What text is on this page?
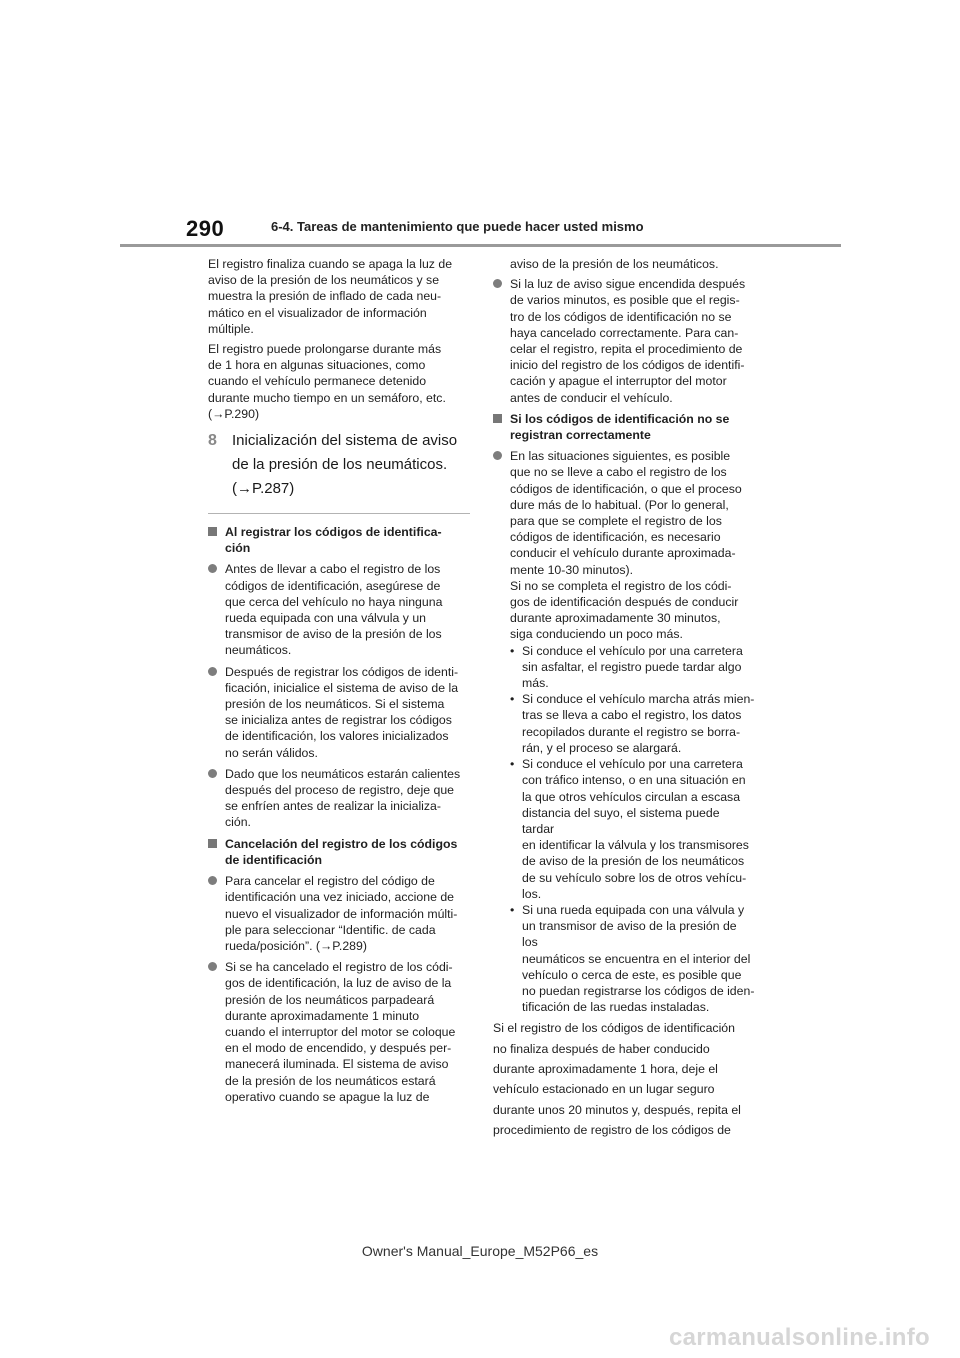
290	6-4. Tareas de mantenimiento que puede hacer usted mismo

El registro finaliza cuando se apaga la luz de
aviso de la presión de los neumáticos y se
muestra la presión de inflado de cada neu-
mático en el visualizador de información
múltiple.

El registro puede prolongarse durante más
de 1 hora en algunas situaciones, como
cuando el vehículo permanece detenido
durante mucho tiempo en un semáforo, etc.
(→P.290)

8	Inicialización del sistema de aviso
de la presión de los neumáticos.
(→P.287)
Al registrar los códigos de identifica-
ción
Antes de llevar a cabo el registro de los
códigos de identificación, asegúrese de
que cerca del vehículo no haya ninguna
rueda equipada con una válvula y un
transmisor de aviso de la presión de los
neumáticos.
Después de registrar los códigos de identi-
ficación, inicialice el sistema de aviso de la
presión de los neumáticos. Si el sistema
se inicializa antes de registrar los códigos
de identificación, los valores inicializados
no serán válidos.
Dado que los neumáticos estarán calientes
después del proceso de registro, deje que
se enfríen antes de realizar la inicializa-
ción.
Cancelación del registro de los códigos
de identificación
Para cancelar el registro del código de
identificación una vez iniciado, accione de
nuevo el visualizador de información múlti-
ple para seleccionar “Identific. de cada
rueda/posición”. (→P.289)
Si se ha cancelado el registro de los códi-
gos de identificación, la luz de aviso de la
presión de los neumáticos parpadeará
durante aproximadamente 1 minuto
cuando el interruptor del motor se coloque
en el modo de encendido, y después per-
manecerá iluminada. El sistema de aviso
de la presión de los neumáticos estará
operativo cuando se apague la luz de

aviso de la presión de los neumáticos.

Si la luz de aviso sigue encendida después
de varios minutos, es posible que el regis-
tro de los códigos de identificación no se
haya cancelado correctamente. Para can-
celar el registro, repita el procedimiento de
inicio del registro de los códigos de identifi-
cación y apague el interruptor del motor
antes de conducir el vehículo.
Si los códigos de identificación no se
registran correctamente
En las situaciones siguientes, es posible
que no se lleve a cabo el registro de los
códigos de identificación, o que el proceso
dure más de lo habitual. (Por lo general,
para que se complete el registro de los
códigos de identificación, es necesario
conducir el vehículo durante aproximada-
mente 10-30 minutos).
Si no se completa el registro de los códi-
gos de identificación después de conducir
durante aproximadamente 30 minutos,
siga conduciendo un poco más.
• Si conduce el vehículo por una carretera
sin asfaltar, el registro puede tardar algo
más.
• Si conduce el vehículo marcha atrás mien-
tras se lleva a cabo el registro, los datos
recopilados durante el registro se borra-
rán, y el proceso se alargará.
• Si conduce el vehículo por una carretera
con tráfico intenso, o en una situación en
la que otros vehículos circulan a escasa
distancia del suyo, el sistema puede tardar
en identificar la válvula y los transmisores
de aviso de la presión de los neumáticos
de su vehículo sobre los de otros vehícu-
los.
• Si una rueda equipada con una válvula y
un transmisor de aviso de la presión de los
neumáticos se encuentra en el interior del
vehículo o cerca de este, es posible que
no puedan registrarse los códigos de iden-
tificación de las ruedas instaladas.

Si el registro de los códigos de identificación
no finaliza después de haber conducido
durante aproximadamente 1 hora, deje el
vehículo estacionado en un lugar seguro
durante unos 20 minutos y, después, repita el
procedimiento de registro de los códigos de

Owner's Manual_Europe_M52P66_es
carmanualsonline.info
